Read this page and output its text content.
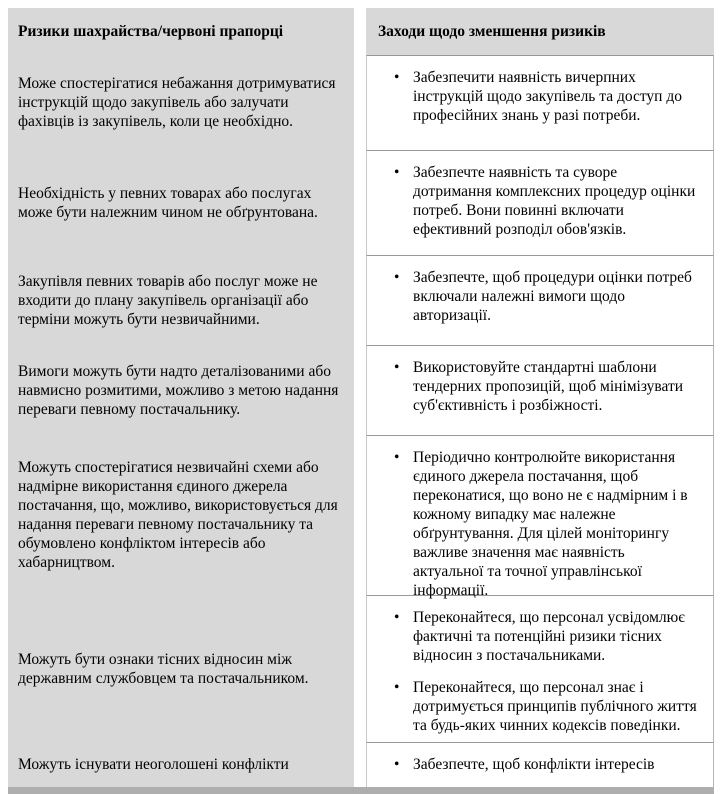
Ризики шахрайства/червоні прапорці	Заходи щодо зменшення ризиків
Може спостерігатися небажання дотримуватися інструкцій щодо закупівель або залучати фахівців із закупівель, коли це необхідно.
• Забезпечити наявність вичерпних інструкцій щодо закупівель та доступ до професійних знань у разі потреби.
Необхідність у певних товарах або послугах може бути належним чином не обґрунтована.
• Забезпечте наявність та суворе дотримання комплексних процедур оцінки потреб. Вони повинні включати ефективний розподіл обов'язків.
Закупівля певних товарів або послуг може не входити до плану закупівель організації або терміни можуть бути незвичайними.
• Забезпечте, щоб процедури оцінки потреб включали належні вимоги щодо авторизації.
Вимоги можуть бути надто деталізованими або навмисно розмитими, можливо з метою надання переваги певному постачальнику.
• Використовуйте стандартні шаблони тендерних пропозицій, щоб мінімізувати суб'єктивність і розбіжності.
Можуть спостерігатися незвичайні схеми або надмірне використання єдиного джерела постачання, що, можливо, використовується для надання переваги певному постачальнику та обумовлено конфліктом інтересів або хабарництвом.
• Періодично контролюйте використання єдиного джерела постачання, щоб переконатися, що воно не є надмірним і в кожному випадку має належне обґрунтування. Для цілей моніторингу важливе значення має наявність актуальної та точної управлінської інформації.
Можуть бути ознаки тісних відносин між державним службовцем та постачальником.
• Переконайтеся, що персонал усвідомлює фактичні та потенційні ризики тісних відносин з постачальниками.
• Переконайтеся, що персонал знає і дотримується принципів публічного життя та будь-яких чинних кодексів поведінки.
Можуть існувати неоголошені конфлікти	• Забезпечте, щоб конфлікти інтересів
